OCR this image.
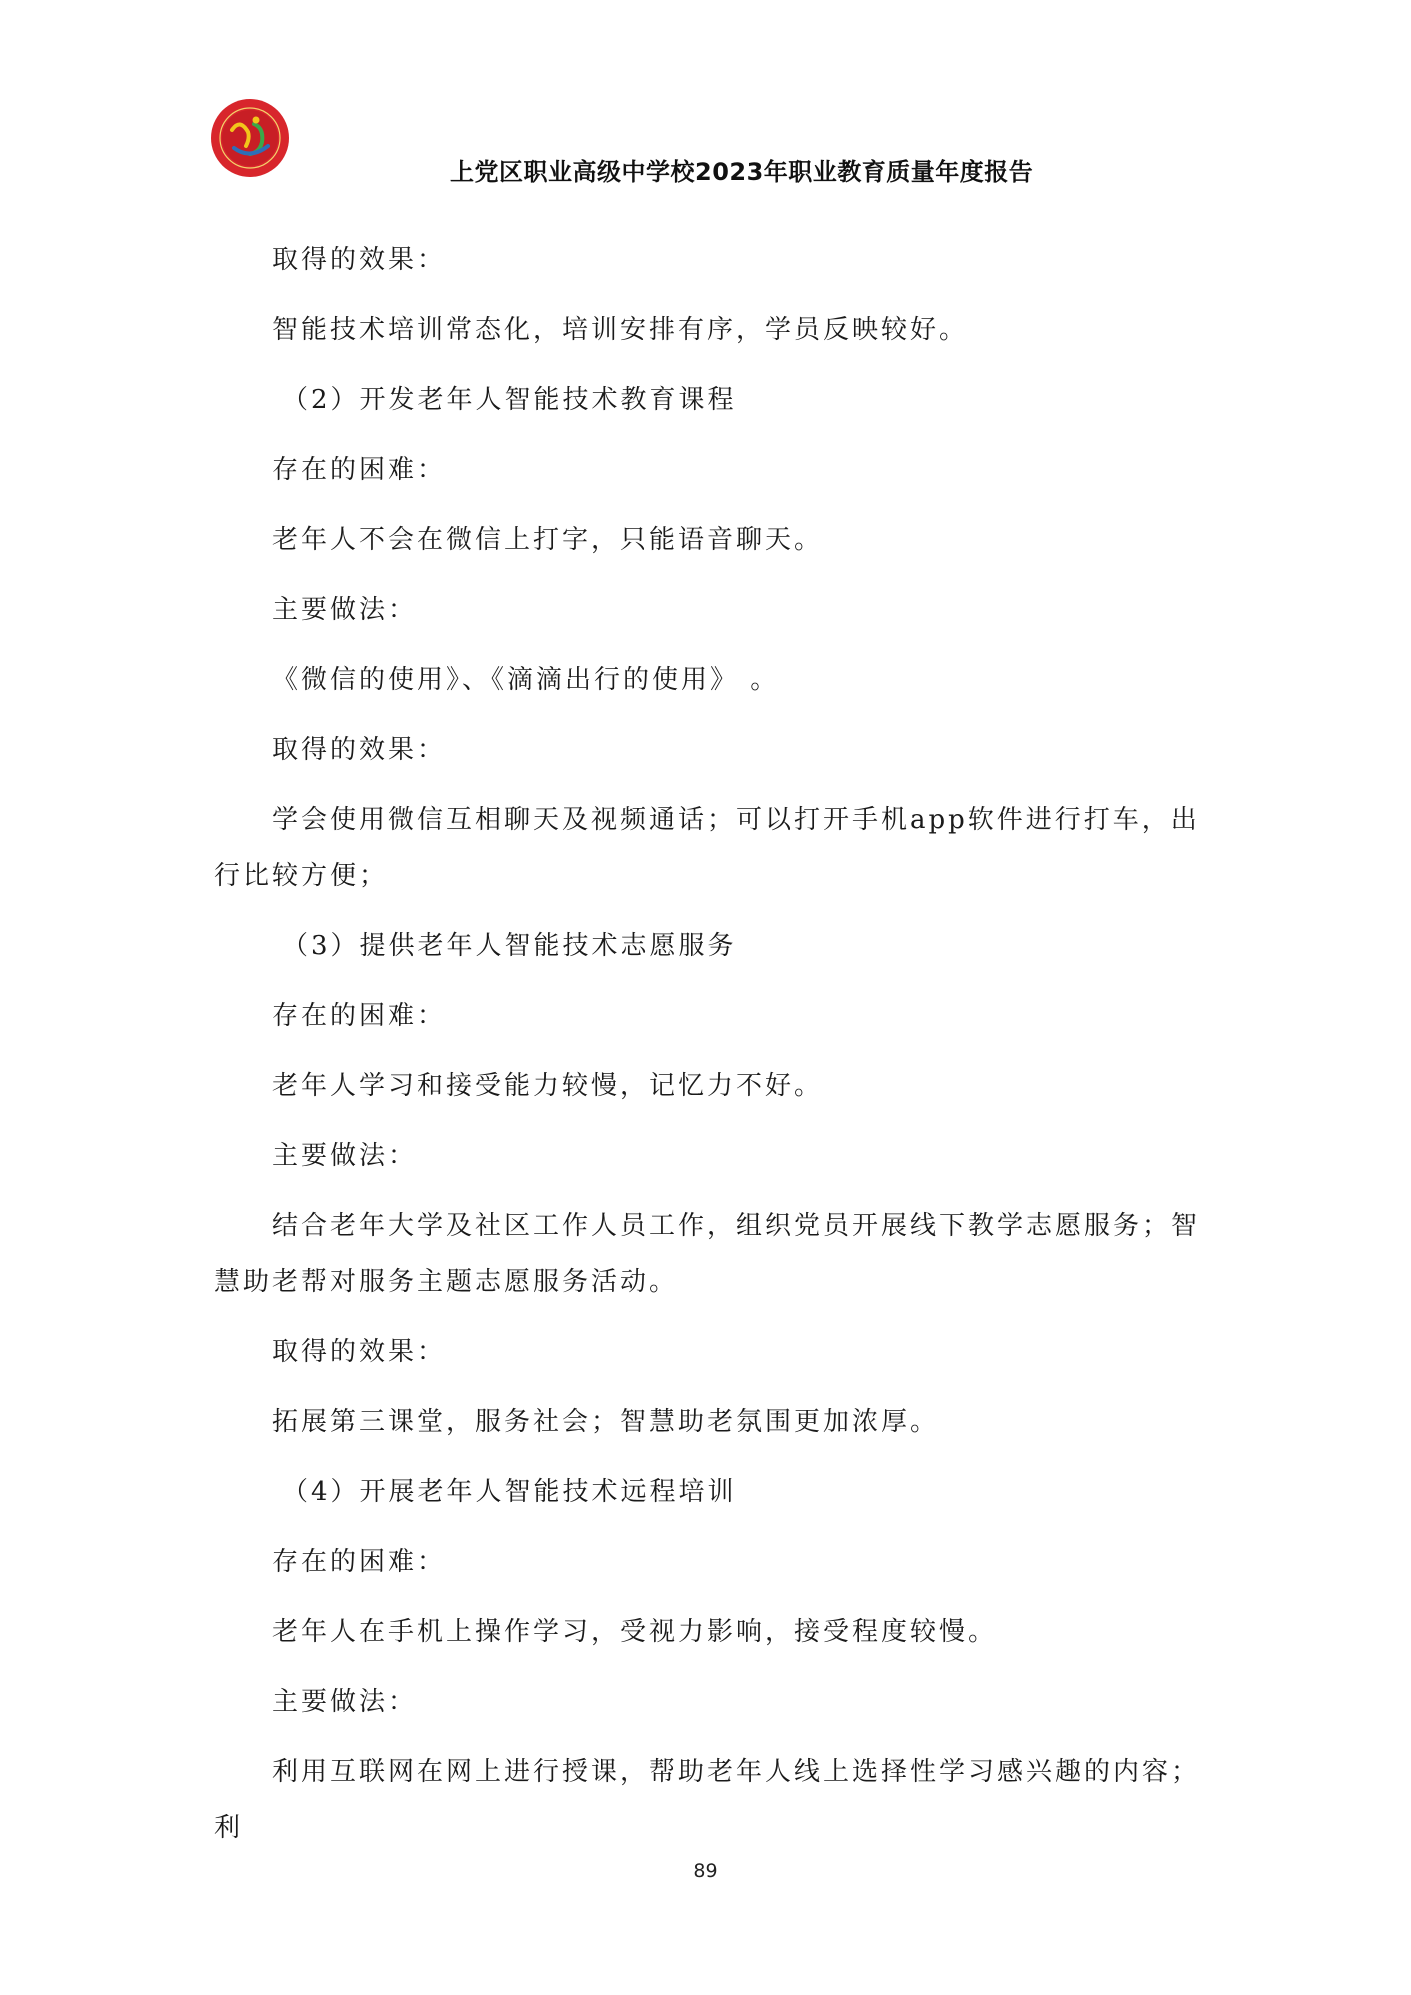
上党区职业高级中学校2023年职业教育质量年度报告

取得的效果：

智能技术培训常态化，培训安排有序，学员反映较好。

（2）开发老年人智能技术教育课程

存在的困难：

老年人不会在微信上打字，只能语音聊天。

主要做法：

《微信的使用》、《滴滴出行的使用》 。

取得的效果：

学会使用微信互相聊天及视频通话；可以打开手机app软件进行打车，出行比较方便；

（3）提供老年人智能技术志愿服务

存在的困难：

老年人学习和接受能力较慢，记忆力不好。

主要做法：

结合老年大学及社区工作人员工作，组织党员开展线下教学志愿服务；智慧助老帮对服务主题志愿服务活动。

取得的效果：

拓展第三课堂，服务社会；智慧助老氛围更加浓厚。

（4）开展老年人智能技术远程培训

存在的困难：

老年人在手机上操作学习，受视力影响，接受程度较慢。

主要做法：

利用互联网在网上进行授课，帮助老年人线上选择性学习感兴趣的内容；利

89
